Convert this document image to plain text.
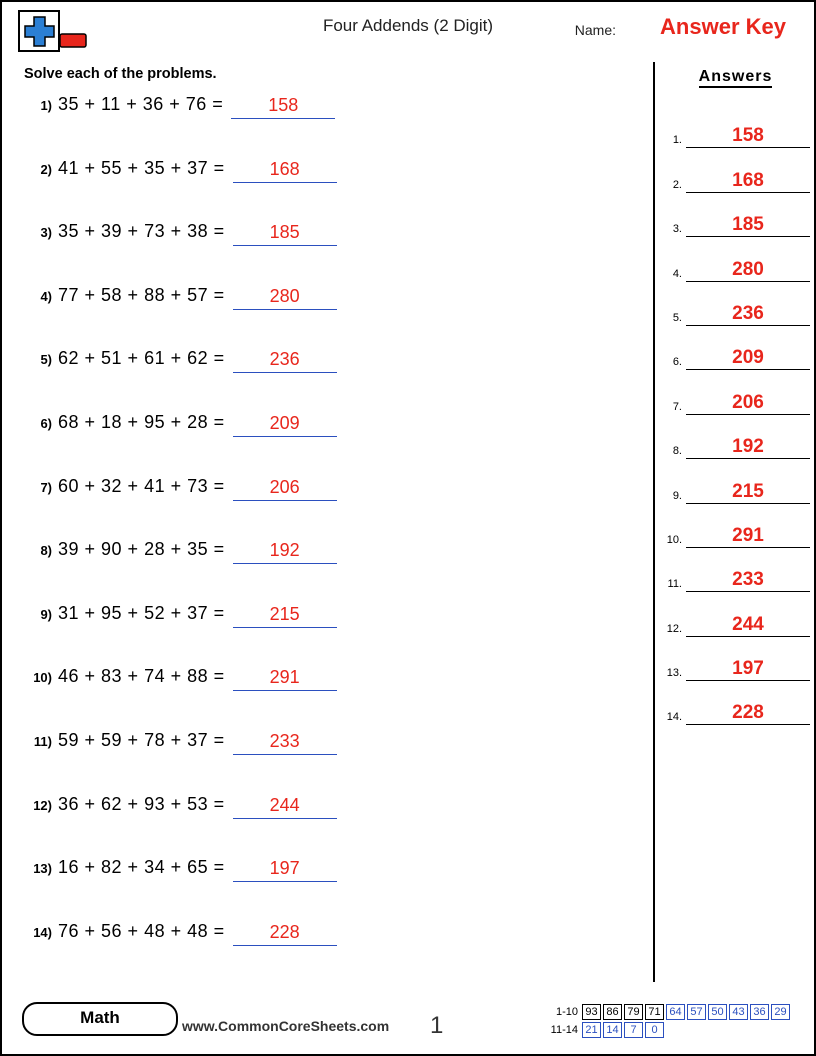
Four Addends (2 Digit)	Name: Answer Key
Solve each of the problems.
1) 35 + 11 + 36 + 76 =	158
2) 41 + 55 + 35 + 37 =	168
3) 35 + 39 + 73 + 38 =	185
4) 77 + 58 + 88 + 57 =	280
5) 62 + 51 + 61 + 62 =	236
6) 68 + 18 + 95 + 28 =	209
7) 60 + 32 + 41 + 73 =	206
8) 39 + 90 + 28 + 35 =	192
9) 31 + 95 + 52 + 37 =	215
10) 46 + 83 + 74 + 88 =	291
11) 59 + 59 + 78 + 37 =	233
12) 36 + 62 + 93 + 53 =	244
13) 16 + 82 + 34 + 65 =	197
14) 76 + 56 + 48 + 48 =	228
Answers
1.	158
2.	168
3.	185
4.	280
5.	236
6.	209
7.	206
8.	192
9.	215
10.	291
11.	233
12.	244
13.	197
14.	228
Math	www.CommonCoreSheets.com 1	1-10 93 86 79 71 64 57 50 43 36 29
11-14 21 14	7	0
